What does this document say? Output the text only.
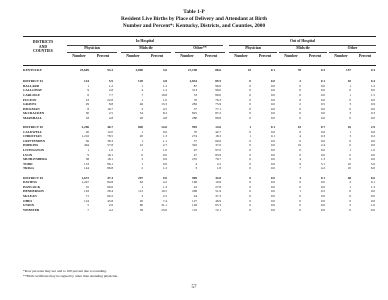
Table 1-P
Resident Live Births by Place of Delivery and Attendant at Birth
Number and Percent*: Kentucky, Districts, and Counties, 2000
DISTRICTS
AND
COUNTIES
In Hospital	Out of Hospital
Physician	Midwife	Other**	Physician	Midwife	Other
Number	Percent	Number	Percent	Number	Percent	Number	Percent	Number	Percent	Number	Percent
KENTUCKY	25,609	93.3	3,890	3.6	27,198	88.6	25	0.1	78	0.3	157	0.4
DISTRICT 01	124	5.9	120	4.8	2,834	89.5	0	0.0	2	0.1	10	0.4
BALLARD	1	1.2	1	1.2	87	96.6	0	0.0	0	0.0	1	1.2
CALLOWAY	9	2.8	4	1.2	313	96.0	0	0.0	0	0.0	0	0.0
CARLISLE	6	7.7	7	10.8	53	80.0	0	0.0	0	0.0	1	1.5
FULTON	23	22.8	1	1.0	76	76.3	0	0.0	0	0.0	0	0.0
GRAVES	29	8.8	46	13.3	282	75.9	0	0.0	2	0.5	3	0.9
HICKMAN	8	16.7	3	4.5	37	77.1	0	0.0	0	0.0	0	0.0
McCRACKEN	30	2.5	54	8.2	825	87.2	0	0.0	0	0.0	3	0.3
MARSHALL	18	4.8	26	4.8	280	89.8	0	0.0	0	0.0	0	0.0
DISTRICT 02	2,296	46.7	840	14.6	995	14.6	1	0.1	43	0.7	16	2.9
CALDWELL	20	12.0	1	0.6	70	42.7	0	0.0	0	0.0	1	0.6
CHRISTIAN	1,216	78.5	20	1.3	274	18.3	1	0.1	4	0.3	3	0.2
CRITTENDEN	36	38.3	1	1.1	57	60.6	0	0.0	0	0.0	0	0.0
HOPKINS	464	57.8	22	2.7	302	37.6	0	0.0	19	2.4	0	0.0
LIVINGSTON	1	1.0	1	1.0	97	97.0	0	0.0	0	0.0	1	1.0
LYON	9	16.1	0	0.0	47	83.9	0	0.0	0	0.0	0	0.0
MUHLENBERG	58	18.1	3	0.9	255	79.7	0	0.0	4	1.3	0	0.0
TODD	153	86.1	1	0.6	4	2.2	0	0.0	9	5.1	10	5.6
TRIGG	144	86.8	2	1.2	3	1.8	0	0.0	7	4.2	10	6.0
DISTRICT 03	1,672	47.4	297	9.0	969	43.8	0	0.0	3	0.1	48	0.6
DAVIESS	1,247	84.8	62	4.2	160	10.9	0	0.0	0	0.0	2	0.1
HANCOCK	55	69.6	1	1.3	22	27.8	0	0.0	0	0.0	1	1.3
HENDERSON	163	28.4	112	19.5	298	51.9	0	0.0	1	0.2	0	0.0
McLEAN	71	60.2	3	2.5	44	37.3	0	0.0	0	0.0	0	0.0
OHIO	124	45.8	20	7.4	127	46.9	0	0.0	0	0.0	0	0.0
UNION	5	2.6	60	31.1	126	65.3	0	0.0	0	0.0	2	1.0
WEBSTER	7	4.2	39	23.6	119	72.1	0	0.0	0	0.0	0	0.0
*Row percents may not add to 100 percent due to rounding.
**Birth certificate may be signed by other than attending physician.
57
